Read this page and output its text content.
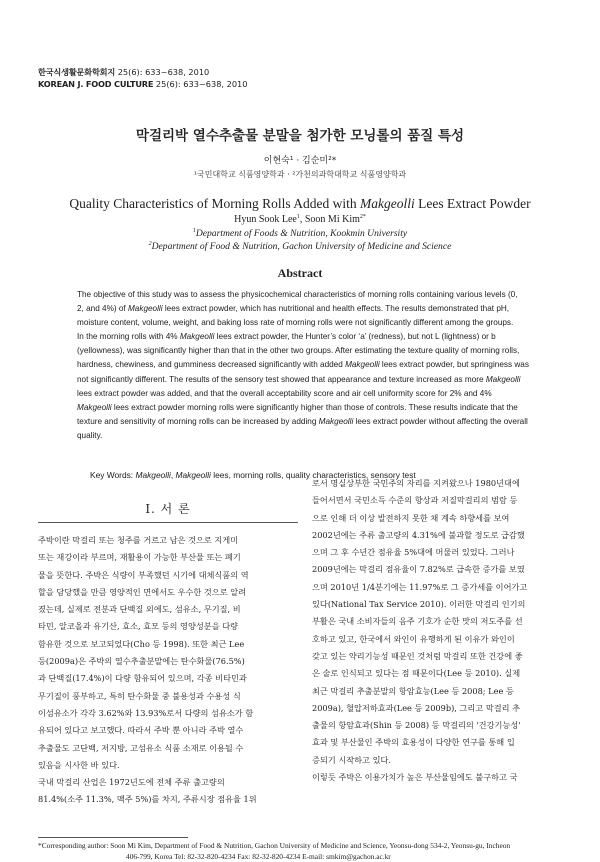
한국식생활문화학회지 25(6): 633~638, 2010
KOREAN J. FOOD CULTURE 25(6): 633~638, 2010
막걸리박 열수추출물 분말을 첨가한 모닝롤의 품질 특성
이현숙¹ · 김순미²*
¹국민대학교 식품영양학과 · ²가천의과학대학교 식품영양학과
Quality Characteristics of Morning Rolls Added with Makgeolli Lees Extract Powder
Hyun Sook Lee$^1$, Soon Mi Kim$^{2*}$
$^1$Department of Foods & Nutrition, Kookmin University
$^2$Department of Food & Nutrition, Gachon University of Medicine and Science
Abstract
The objective of this study was to assess the physicochemical characteristics of morning rolls containing various levels (0,
2, and 4%) of Makgeolli lees extract powder, which has nutritional and health effects. The results demonstrated that pH,
moisture content, volume, weight, and baking loss rate of morning rolls were not significantly different among the groups.
In the morning rolls with 4% Makgeolli lees extract powder, the Hunter’s color ‘a’ (redness), but not L (lightness) or b
(yellowness), was significantly higher than that in the other two groups. After estimating the texture quality of morning rolls,
hardness, chewiness, and gumminess decreased significantly with added Makgeolli lees extract powder, but springiness was
not significantly different. The results of the sensory test showed that appearance and texture increased as more Makgeolli
lees extract powder was added, and that the overall acceptability score and air cell uniformity score for 2% and 4%
Makgeolli lees extract powder morning rolls were significantly higher than those of controls. These results indicate that the
texture and sensitivity of morning rolls can be increased by adding Makgeolli lees extract powder without affecting the overall
quality.
Key Words: Makgeolli, Makgeolli lees, morning rolls, quality characteristics, sensory test
I. 서 론
주박이란 막걸리 또는 청주를 거르고 남은 것으로 지게미
또는 재강이라 부르며, 재활용이 가능한 부산물 또는 폐기
물을 뜻한다. 주박은 식량이 부족했던 시기에 대체식품의 역
할을 담당했을 만큼 영양적인 면에서도 우수한 것으로 알려
졌는데, 실제로 전분과 단백질 외에도, 섬유소, 무기질, 비
타민, 알코올과 유기산, 효소, 효모 등의 영양성분을 다량
함유한 것으로 보고되었다(Cho 등 1998). 또한 최근 Lee
등(2009a)은 주박의 열수추출분말에는 탄수화물(76.5%)
과 단백질(17.4%)이 다량 함유되어 있으며, 각종 비타민과
무기질이 풍부하고, 특히 탄수화물 중 불용성과 수용성 식
이섬유소가 각각 3.62%와 13.93%로서 다량의 섬유소가 함
유되어 있다고 보고했다. 따라서 주박 뿐 아니라 주박 열수
추출물도 고단백, 저지방, 고섬유소 식품 소재로 이용될 수
있음을 시사한 바 있다.
국내 막걸리 산업은 1972년도에 전체 주류 출고량의
81.4%(소주 11.3%, 맥주 5%)를 차지, 주류시장 점유율 1위
로서 명실상부한 국민주의 자리를 지켜왔으나 1980년대에
들어서면서 국민소득 수준의 향상과 저질막걸리의 범람 등
으로 인해 더 이상 발전하지 못한 채 계속 하향세를 보여
2002년에는 주류 출고량의 4.31%에 불과할 정도로 급감했
으며 그 후 수년간 점유율 5%대에 머물러 있었다. 그러나
2009년에는 막걸리 점유율이 7.82%로 급속한 증가를 보였
으며 2010년 1/4분기에는 11.97%로 그 증가세를 이어가고
있다(National Tax Service 2010). 이러한 막걸리 인기의
부활은 국내 소비자들의 음주 기호가 순한 맛의 저도주를 선
호하고 있고, 한국에서 와인이 유행하게 된 이유가 와인이
갖고 있는 약리기능성 때문인 것처럼 막걸리 또한 건강에 좋
은 술로 인식되고 있다는 점 때문이다(Lee 등 2010). 실제
최근 막걸리 추출분말의 항암효능(Lee 등 2008; Lee 등
2009a), 혈압저하효과(Lee 등 2009b), 그리고 막걸리 추
출물의 항암효과(Shin 등 2008) 등 막걸리의 '건강기능성'
효과 및 부산물인 주박의 효용성이 다양한 연구를 통해 입
증되기 시작하고 있다.
이렇듯 주박은 이용가치가 높은 부산물임에도 불구하고 국
*Corresponding author: Soon Mi Kim, Department of Food & Nutrition, Gachon University of Medicine and Science, Yeonsu-dong 534-2, Yeonsu-gu, Incheon
406-799, Korea Tel: 82-32-820-4234 Fax: 82-32-820-4234 E-mail: smkim@gachon.ac.kr
